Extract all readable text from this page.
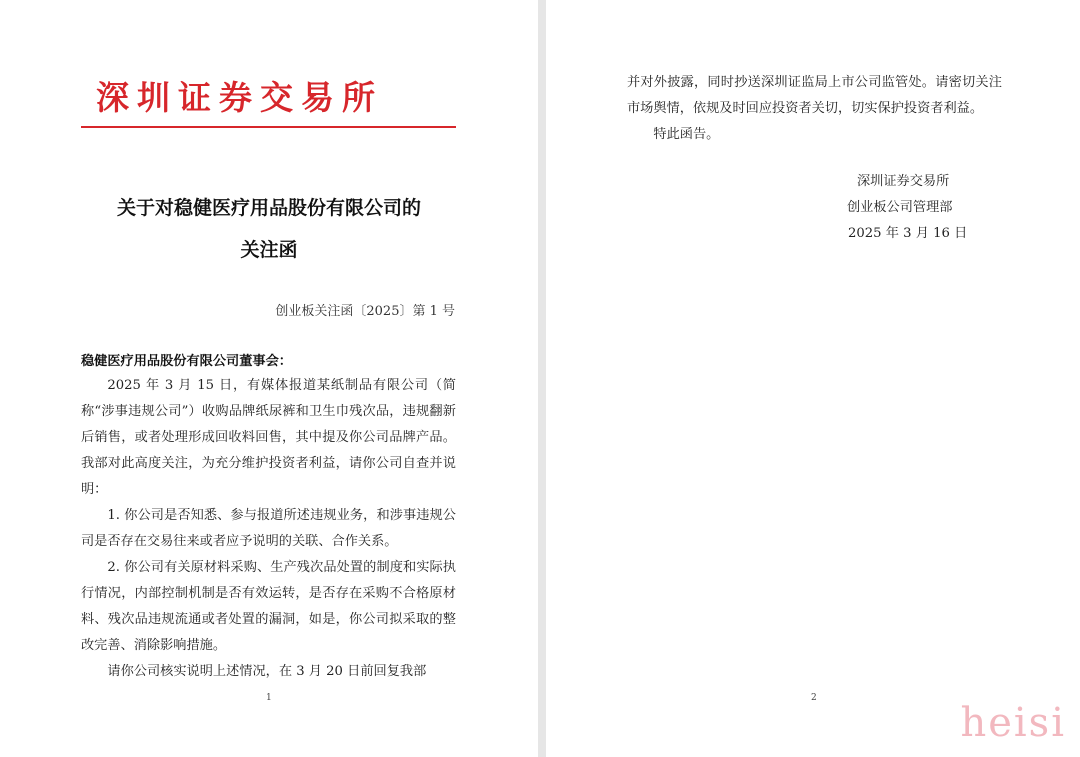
深圳证券交易所
关于对稳健医疗用品股份有限公司的
关注函
创业板关注函〔2025〕第 1 号
稳健医疗用品股份有限公司董事会：

2025 年 3 月 15 日，有媒体报道某纸制品有限公司（简称“涉事违规公司”）收购品牌纸尿裤和卫生巾残次品，违规翻新后销售，或者处理形成回收料回售，其中提及你公司品牌产品。我部对此高度关注，为充分维护投资者利益，请你公司自查并说明：

1. 你公司是否知悉、参与报道所述违规业务，和涉事违规公司是否存在交易往来或者应予说明的关联、合作关系。

2. 你公司有关原材料采购、生产残次品处置的制度和实际执行情况，内部控制机制是否有效运转，是否存在采购不合格原材料、残次品违规流通或者处置的漏洞，如是，你公司拟采取的整改完善、消除影响措施。

请你公司核实说明上述情况，在 3 月 20 日前回复我部

1

并对外披露，同时抄送深圳证监局上市公司监管处。请密切关注市场舆情，依规及时回应投资者关切，切实保护投资者利益。

特此函告。

深圳证券交易所
创业板公司管理部
2025 年 3 月 16 日
2
heisi
